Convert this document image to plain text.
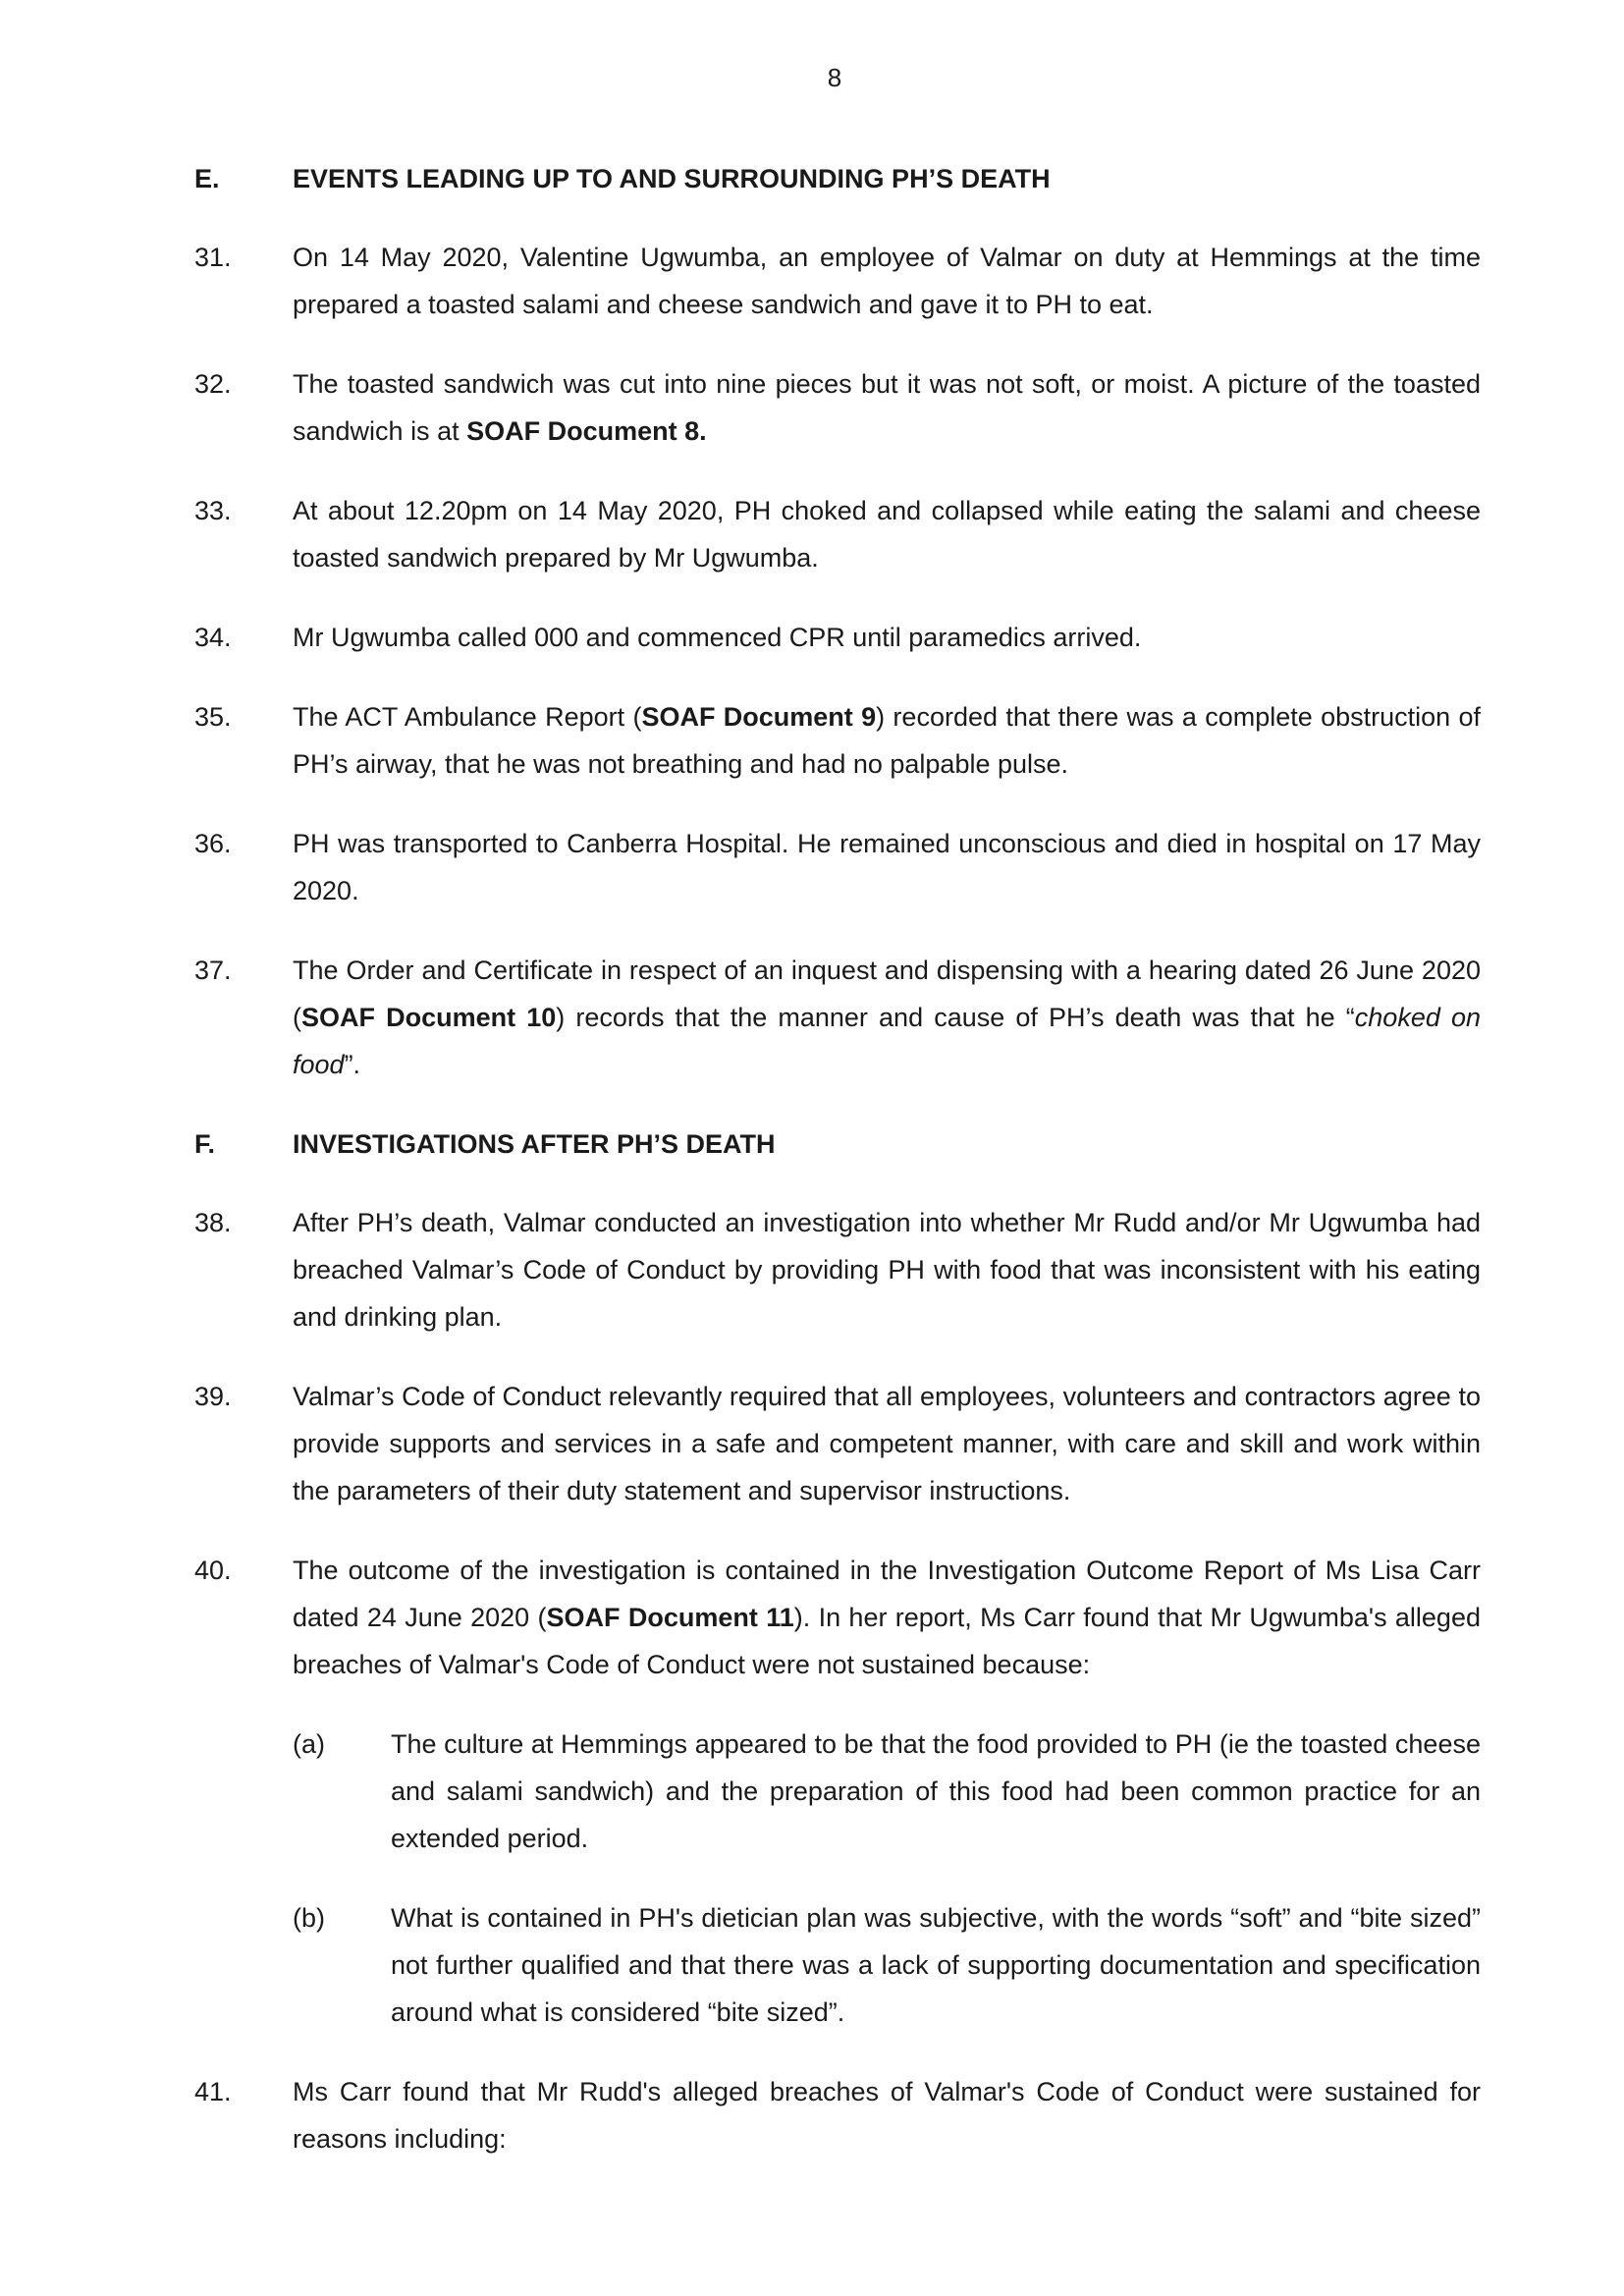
8
E.	EVENTS LEADING UP TO AND SURROUNDING PH’S DEATH
31.	On 14 May 2020, Valentine Ugwumba, an employee of Valmar on duty at Hemmings at the time prepared a toasted salami and cheese sandwich and gave it to PH to eat.
32.	The toasted sandwich was cut into nine pieces but it was not soft, or moist. A picture of the toasted sandwich is at SOAF Document 8.
33.	At about 12.20pm on 14 May 2020, PH choked and collapsed while eating the salami and cheese toasted sandwich prepared by Mr Ugwumba.
34.	Mr Ugwumba called 000 and commenced CPR until paramedics arrived.
35.	The ACT Ambulance Report (SOAF Document 9) recorded that there was a complete obstruction of PH’s airway, that he was not breathing and had no palpable pulse.
36.	PH was transported to Canberra Hospital. He remained unconscious and died in hospital on 17 May 2020.
37.	The Order and Certificate in respect of an inquest and dispensing with a hearing dated 26 June 2020 (SOAF Document 10) records that the manner and cause of PH’s death was that he “choked on food”.
F.	INVESTIGATIONS AFTER PH’S DEATH
38.	After PH’s death, Valmar conducted an investigation into whether Mr Rudd and/or Mr Ugwumba had breached Valmar’s Code of Conduct by providing PH with food that was inconsistent with his eating and drinking plan.
39.	Valmar’s Code of Conduct relevantly required that all employees, volunteers and contractors agree to provide supports and services in a safe and competent manner, with care and skill and work within the parameters of their duty statement and supervisor instructions.
40.	The outcome of the investigation is contained in the Investigation Outcome Report of Ms Lisa Carr dated 24 June 2020 (SOAF Document 11). In her report, Ms Carr found that Mr Ugwumba's alleged breaches of Valmar's Code of Conduct were not sustained because:
(a)	The culture at Hemmings appeared to be that the food provided to PH (ie the toasted cheese and salami sandwich) and the preparation of this food had been common practice for an extended period.
(b)	What is contained in PH's dietician plan was subjective, with the words “soft” and “bite sized” not further qualified and that there was a lack of supporting documentation and specification around what is considered “bite sized”.
41.	Ms Carr found that Mr Rudd's alleged breaches of Valmar's Code of Conduct were sustained for reasons including:
